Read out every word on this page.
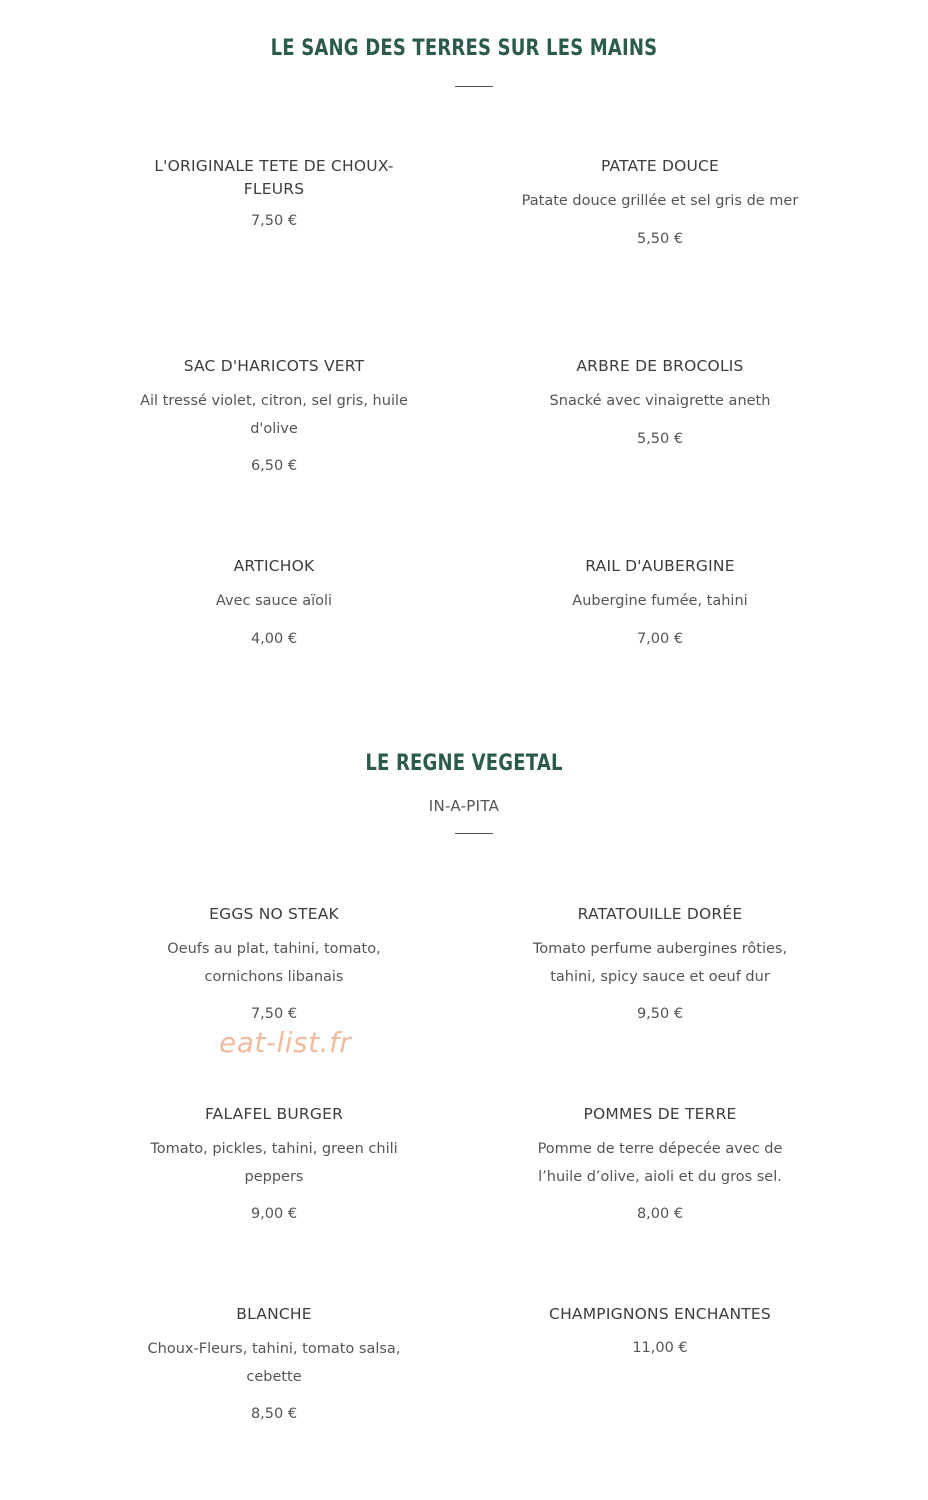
LE SANG DES TERRES SUR LES MAINS
L'ORIGINALE TETE DE CHOUX-FLEURS
7,50 €
PATATE DOUCE
Patate douce grillée et sel gris de mer
5,50 €
SAC D'HARICOTS VERT
Ail tressé violet, citron, sel gris, huile d'olive
6,50 €
ARBRE DE BROCOLIS
Snacké avec vinaigrette aneth
5,50 €
ARTICHOK
Avec sauce aïoli
4,00 €
RAIL D'AUBERGINE
Aubergine fumée, tahini
7,00 €
LE REGNE VEGETAL
IN-A-PITA
EGGS NO STEAK
Oeufs au plat, tahini, tomato, cornichons libanais
7,50 €
RATATOUILLE DORÉE
Tomato perfume aubergines rôties, tahini, spicy sauce et oeuf dur
9,50 €
FALAFEL BURGER
Tomato, pickles, tahini, green chili peppers
9,00 €
POMMES DE TERRE
Pomme de terre dépecée avec de l’huile d’olive, aioli et du gros sel.
8,00 €
BLANCHE
Choux-Fleurs, tahini, tomato salsa, cebette
8,50 €
CHAMPIGNONS ENCHANTES
11,00 €
eat-list.fr
